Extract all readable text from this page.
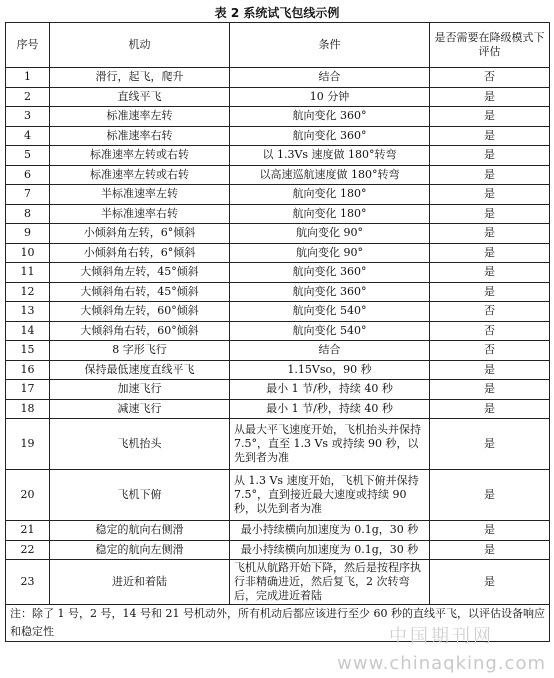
表 2 系统试飞包线示例
序号	机动	条件	是否需要在降级模式下评估
1	滑行，起飞，爬升	结合	否
2	直线平飞	10 分钟	是
3	标准速率左转	航向变化 360°	是
4	标准速率右转	航向变化 360°	是
5	标准速率左转或右转	以 1.3Vs 速度做 180°转弯	是
6	标准速率左转或右转	以高速巡航速度做 180°转弯	是
7	半标准速率左转	航向变化 180°	是
8	半标准速率右转	航向变化 180°	是
9	小倾斜角左转，6°倾斜	航向变化 90°	是
10	小倾斜角右转，6°倾斜	航向变化 90°	是
11	大倾斜角左转，45°倾斜	航向变化 360°	是
12	大倾斜角右转，45°倾斜	航向变化 360°	是
13	大倾斜角左转，60°倾斜	航向变化 540°	否
14	大倾斜角右转，60°倾斜	航向变化 540°	否
15	8 字形飞行	结合	否
16	保持最低速度直线平飞	1.15Vso，90 秒	是
17	加速飞行	最小 1 节/秒，持续 40 秒	是
18	减速飞行	最小 1 节/秒，持续 40 秒	是
19	飞机抬头	从最大平飞速度开始，飞机抬头并保持 7.5°，直至 1.3 Vs 或持续 90 秒，以先到者为准	是
20	飞机下俯	从 1.3 Vs 速度开始，飞机下俯并保持 7.5°，直到接近最大速度或持续 90 秒，以先到者为准	是
21	稳定的航向右侧滑	最小持续横向加速度为 0.1g，30 秒	是
22	稳定的航向左侧滑	最小持续横向加速度为 0.1g，30 秒	是
23	进近和着陆	飞机从航路开始下降，然后是按程序执行非精确进近，然后复飞，2 次转弯后，完成进近着陆	是
注：除了 1 号，2 号，14 号和 21 号机动外，所有机动后都应该进行至少 60 秒的直线平飞，以评估设备响应和稳定性				中国期刊网
www.chinaqking.com
